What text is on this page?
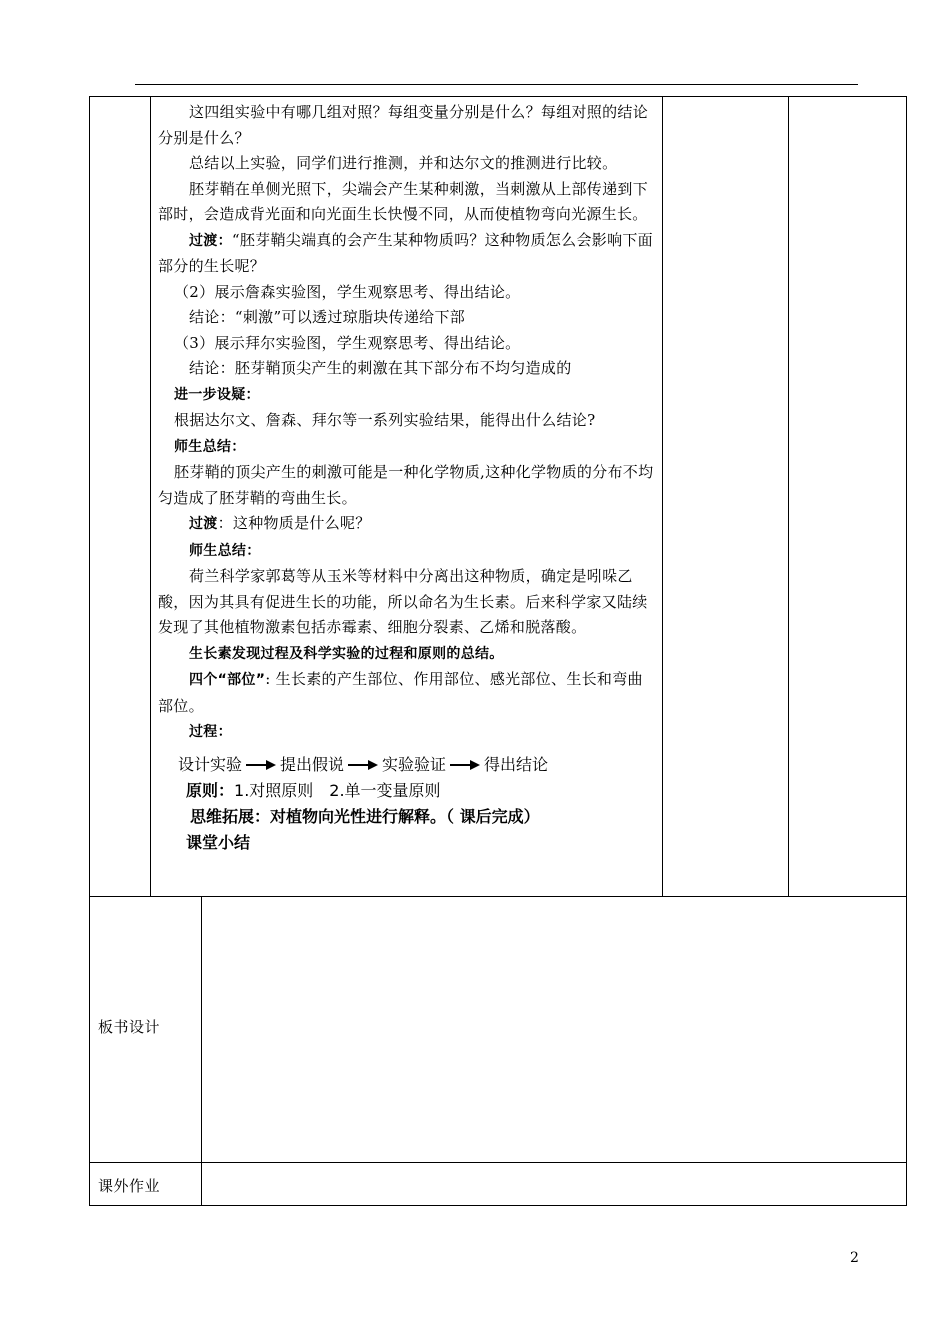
这四组实验中有哪几组对照？每组变量分别是什么？每组对照的结论分别是什么？

总结以上实验，同学们进行推测，并和达尔文的推测进行比较。

胚芽鞘在单侧光照下，尖端会产生某种刺激，当刺激从上部传递到下部时，会造成背光面和向光面生长快慢不同，从而使植物弯向光源生长。

过渡：“胚芽鞘尖端真的会产生某种物质吗？这种物质怎么会影响下面部分的生长呢？

（2）展示詹森实验图，学生观察思考、得出结论。

结论：“刺激”可以透过琼脂块传递给下部

（3）展示拜尔实验图，学生观察思考、得出结论。

结论：胚芽鞘顶尖产生的刺激在其下部分布不均匀造成的

进一步设疑：

根据达尔文、詹森、拜尔等一系列实验结果，能得出什么结论?

师生总结：

胚芽鞘的顶尖产生的刺激可能是一种化学物质,这种化学物质的分布不均匀造成了胚芽鞘的弯曲生长。

过渡：这种物质是什么呢？

师生总结：

荷兰科学家郭葛等从玉米等材料中分离出这种物质，确定是吲哚乙酸，因为其具有促进生长的功能，所以命名为生长素。后来科学家又陆续发现了其他植物激素包括赤霉素、细胞分裂素、乙烯和脱落酸。

生长素发现过程及科学实验的过程和原则的总结。

四个“部位”: 生长素的产生部位、作用部位、感光部位、生长和弯曲部位。

过程：

设计实验 提出假说 实验验证 得出结论
原则：1.对照原则　2.单一变量原则
思维拓展：对植物向光性进行解释。（ 课后完成）
课堂小结
板书设计
课外作业
2
